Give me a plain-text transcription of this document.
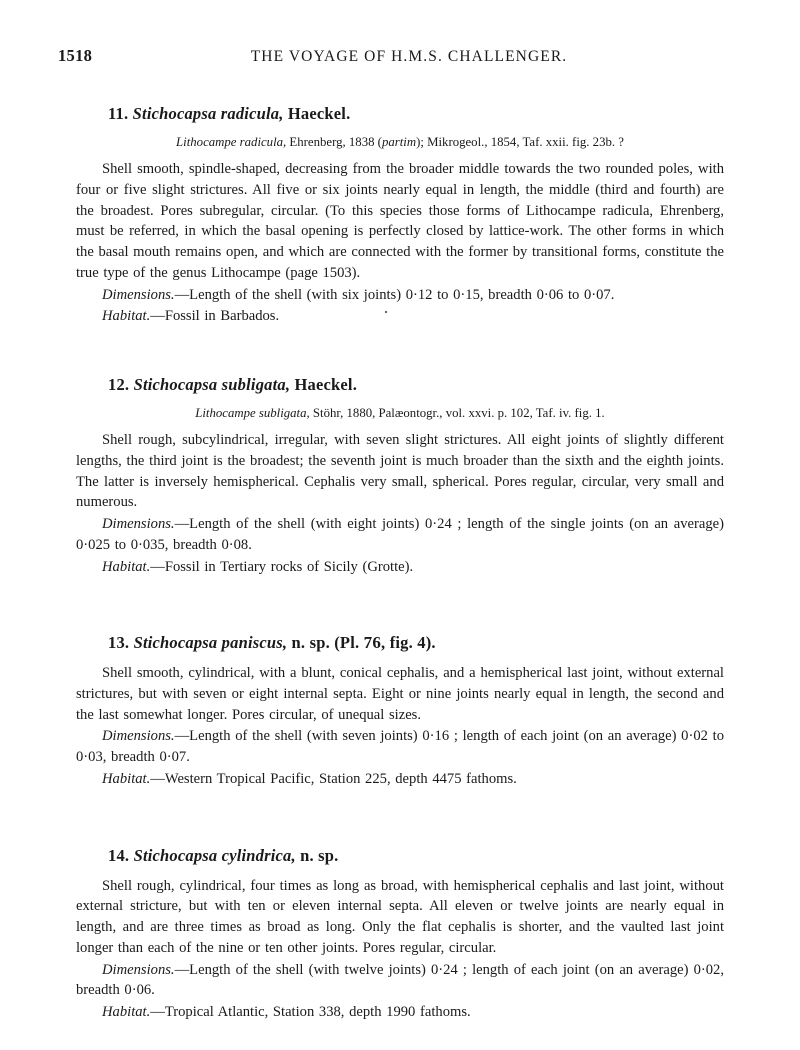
1518	THE VOYAGE OF H.M.S. CHALLENGER.
11. Stichocapsa radicula, Haeckel.

Lithocampe radicula, Ehrenberg, 1838 (partim); Mikrogeol., 1854, Taf. xxii. fig. 23b. ?

Shell smooth, spindle-shaped, decreasing from the broader middle towards the two rounded poles, with four or five slight strictures. All five or six joints nearly equal in length, the middle (third and fourth) are the broadest. Pores subregular, circular. (To this species those forms of Lithocampe radicula, Ehrenberg, must be referred, in which the basal opening is perfectly closed by lattice-work. The other forms in which the basal mouth remains open, and which are connected with the former by transitional forms, constitute the true type of the genus Lithocampe (page 1503).

Dimensions.—Length of the shell (with six joints) 0·12 to 0·15, breadth 0·06 to 0·07.

Habitat.—Fossil in Barbados.

12. Stichocapsa subligata, Haeckel.

Lithocampe subligata, Stöhr, 1880, Palæontogr., vol. xxvi. p. 102, Taf. iv. fig. 1.

Shell rough, subcylindrical, irregular, with seven slight strictures. All eight joints of slightly different lengths, the third joint is the broadest; the seventh joint is much broader than the sixth and the eighth joints. The latter is inversely hemispherical. Cephalis very small, spherical. Pores regular, circular, very small and numerous.

Dimensions.—Length of the shell (with eight joints) 0·24 ; length of the single joints (on an average) 0·025 to 0·035, breadth 0·08.

Habitat.—Fossil in Tertiary rocks of Sicily (Grotte).

13. Stichocapsa paniscus, n. sp. (Pl. 76, fig. 4).

Shell smooth, cylindrical, with a blunt, conical cephalis, and a hemispherical last joint, without external strictures, but with seven or eight internal septa. Eight or nine joints nearly equal in length, the second and the last somewhat longer. Pores circular, of unequal sizes.

Dimensions.—Length of the shell (with seven joints) 0·16 ; length of each joint (on an average) 0·02 to 0·03, breadth 0·07.

Habitat.—Western Tropical Pacific, Station 225, depth 4475 fathoms.

14. Stichocapsa cylindrica, n. sp.

Shell rough, cylindrical, four times as long as broad, with hemispherical cephalis and last joint, without external stricture, but with ten or eleven internal septa. All eleven or twelve joints are nearly equal in length, and are three times as broad as long. Only the flat cephalis is shorter, and the vaulted last joint longer than each of the nine or ten other joints. Pores regular, circular.

Dimensions.—Length of the shell (with twelve joints) 0·24 ; length of each joint (on an average) 0·02, breadth 0·06.

Habitat.—Tropical Atlantic, Station 338, depth 1990 fathoms.
